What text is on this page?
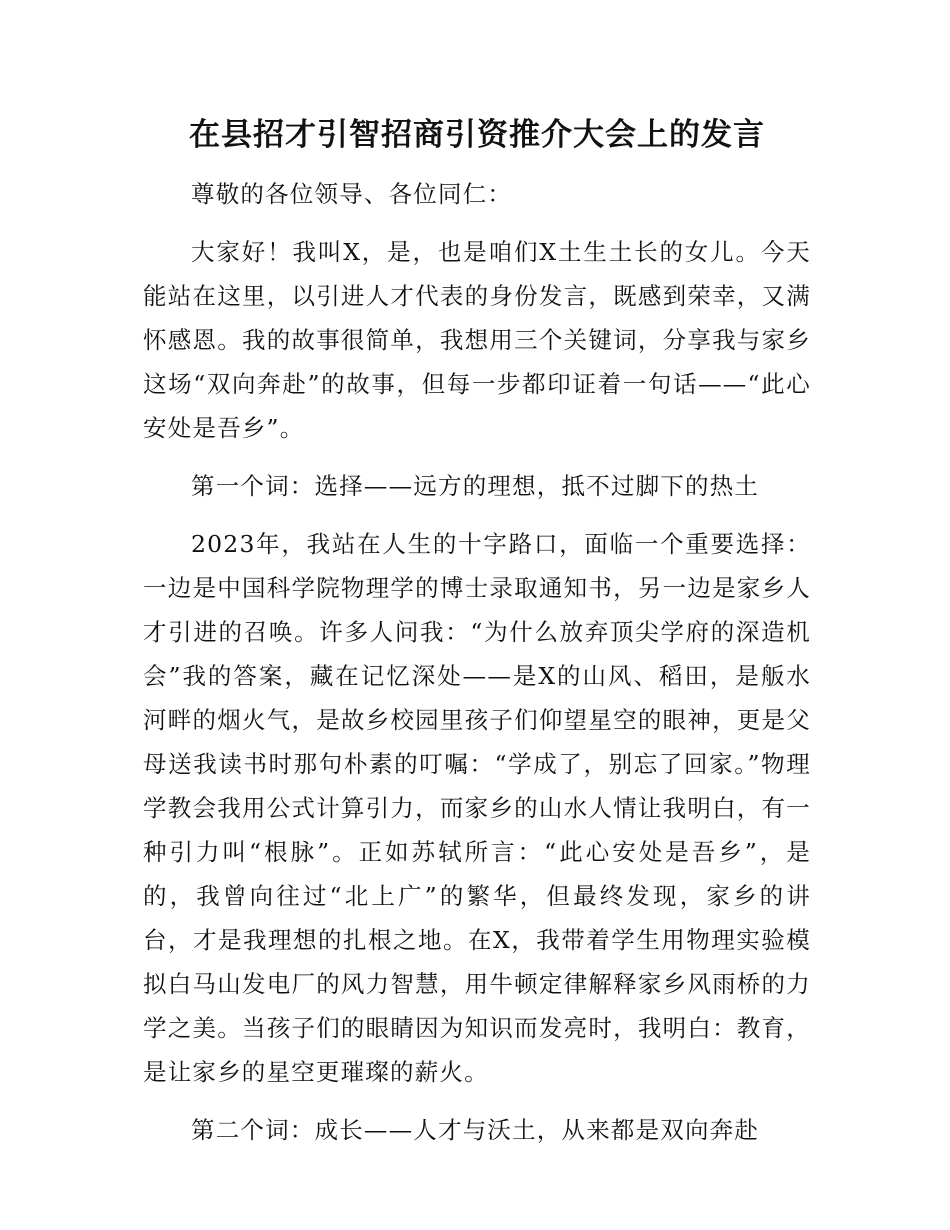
在县招才引智招商引资推介大会上的发言

尊敬的各位领导、各位同仁：

大家好！我叫X，是，也是咱们X土生土长的女儿。今天能站在这里，以引进人才代表的身份发言，既感到荣幸，又满怀感恩。我的故事很简单，我想用三个关键词，分享我与家乡这场“双向奔赴”的故事，但每一步都印证着一句话——“此心安处是吾乡”。

第一个词：选择——远方的理想，抵不过脚下的热土

2023年，我站在人生的十字路口，面临一个重要选择：一边是中国科学院物理学的博士录取通知书，另一边是家乡人才引进的召唤。许多人问我：“为什么放弃顶尖学府的深造机会”我的答案，藏在记忆深处——是X的山风、稻田，是舨水河畔的烟火气，是故乡校园里孩子们仰望星空的眼神，更是父母送我读书时那句朴素的叮嘱：“学成了，别忘了回家。”物理学教会我用公式计算引力，而家乡的山水人情让我明白，有一种引力叫“根脉”。正如苏轼所言：“此心安处是吾乡”，是的，我曾向往过“北上广”的繁华，但最终发现，家乡的讲台，才是我理想的扎根之地。在X，我带着学生用物理实验模拟白马山发电厂的风力智慧，用牛顿定律解释家乡风雨桥的力学之美。当孩子们的眼睛因为知识而发亮时，我明白：教育，是让家乡的星空更璀璨的薪火。

第二个词：成长——人才与沃土，从来都是双向奔赴
